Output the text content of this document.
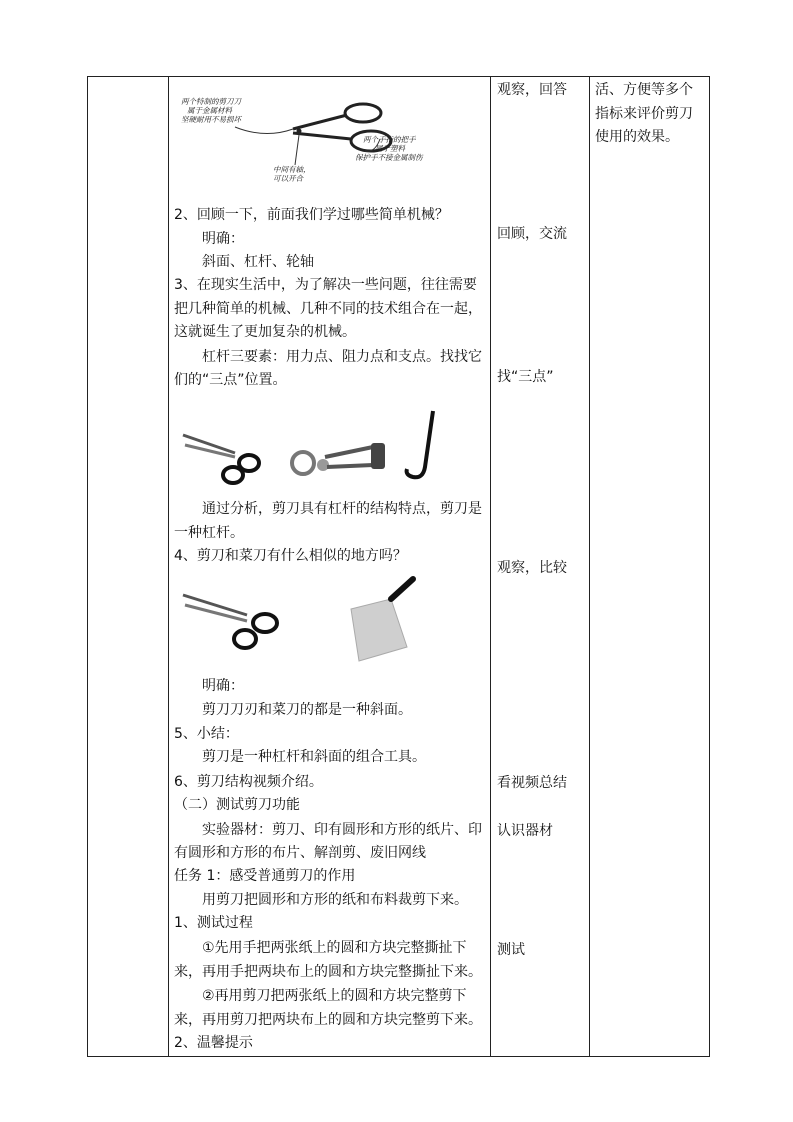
两个特制的剪刀刀
属于金属材料
坚硬耐用不易损坏
两个手指的把手
属于塑料
保护手不接金属制伤
中间有轴，
可以开合
2、回顾一下，前面我们学过哪些简单机械？
明确：
斜面、杠杆、轮轴
3、在现实生活中，为了解决一些问题，往往需要
把几种简单的机械、几种不同的技术组合在一起，
这就诞生了更加复杂的机械。
杠杆三要素：用力点、阻力点和支点。找找它
们的“三点”位置。
通过分析，剪刀具有杠杆的结构特点，剪刀是
一种杠杆。
4、剪刀和菜刀有什么相似的地方吗？
明确：
剪刀刀刃和菜刀的都是一种斜面。
5、小结：
剪刀是一种杠杆和斜面的组合工具。
6、剪刀结构视频介绍。
（二）测试剪刀功能
实验器材：剪刀、印有圆形和方形的纸片、印
有圆形和方形的布片、解剖剪、废旧网线
任务 1：感受普通剪刀的作用
用剪刀把圆形和方形的纸和布料裁剪下来。
1、测试过程
①先用手把两张纸上的圆和方块完整撕扯下
来，再用手把两块布上的圆和方块完整撕扯下来。
②再用剪刀把两张纸上的圆和方块完整剪下
来，再用剪刀把两块布上的圆和方块完整剪下来。
2、温馨提示

观察，回答
回顾，交流
找“三点”
观察，比较
看视频总结
认识器材
测试

活、方便等多个
指标来评价剪刀
使用的效果。
